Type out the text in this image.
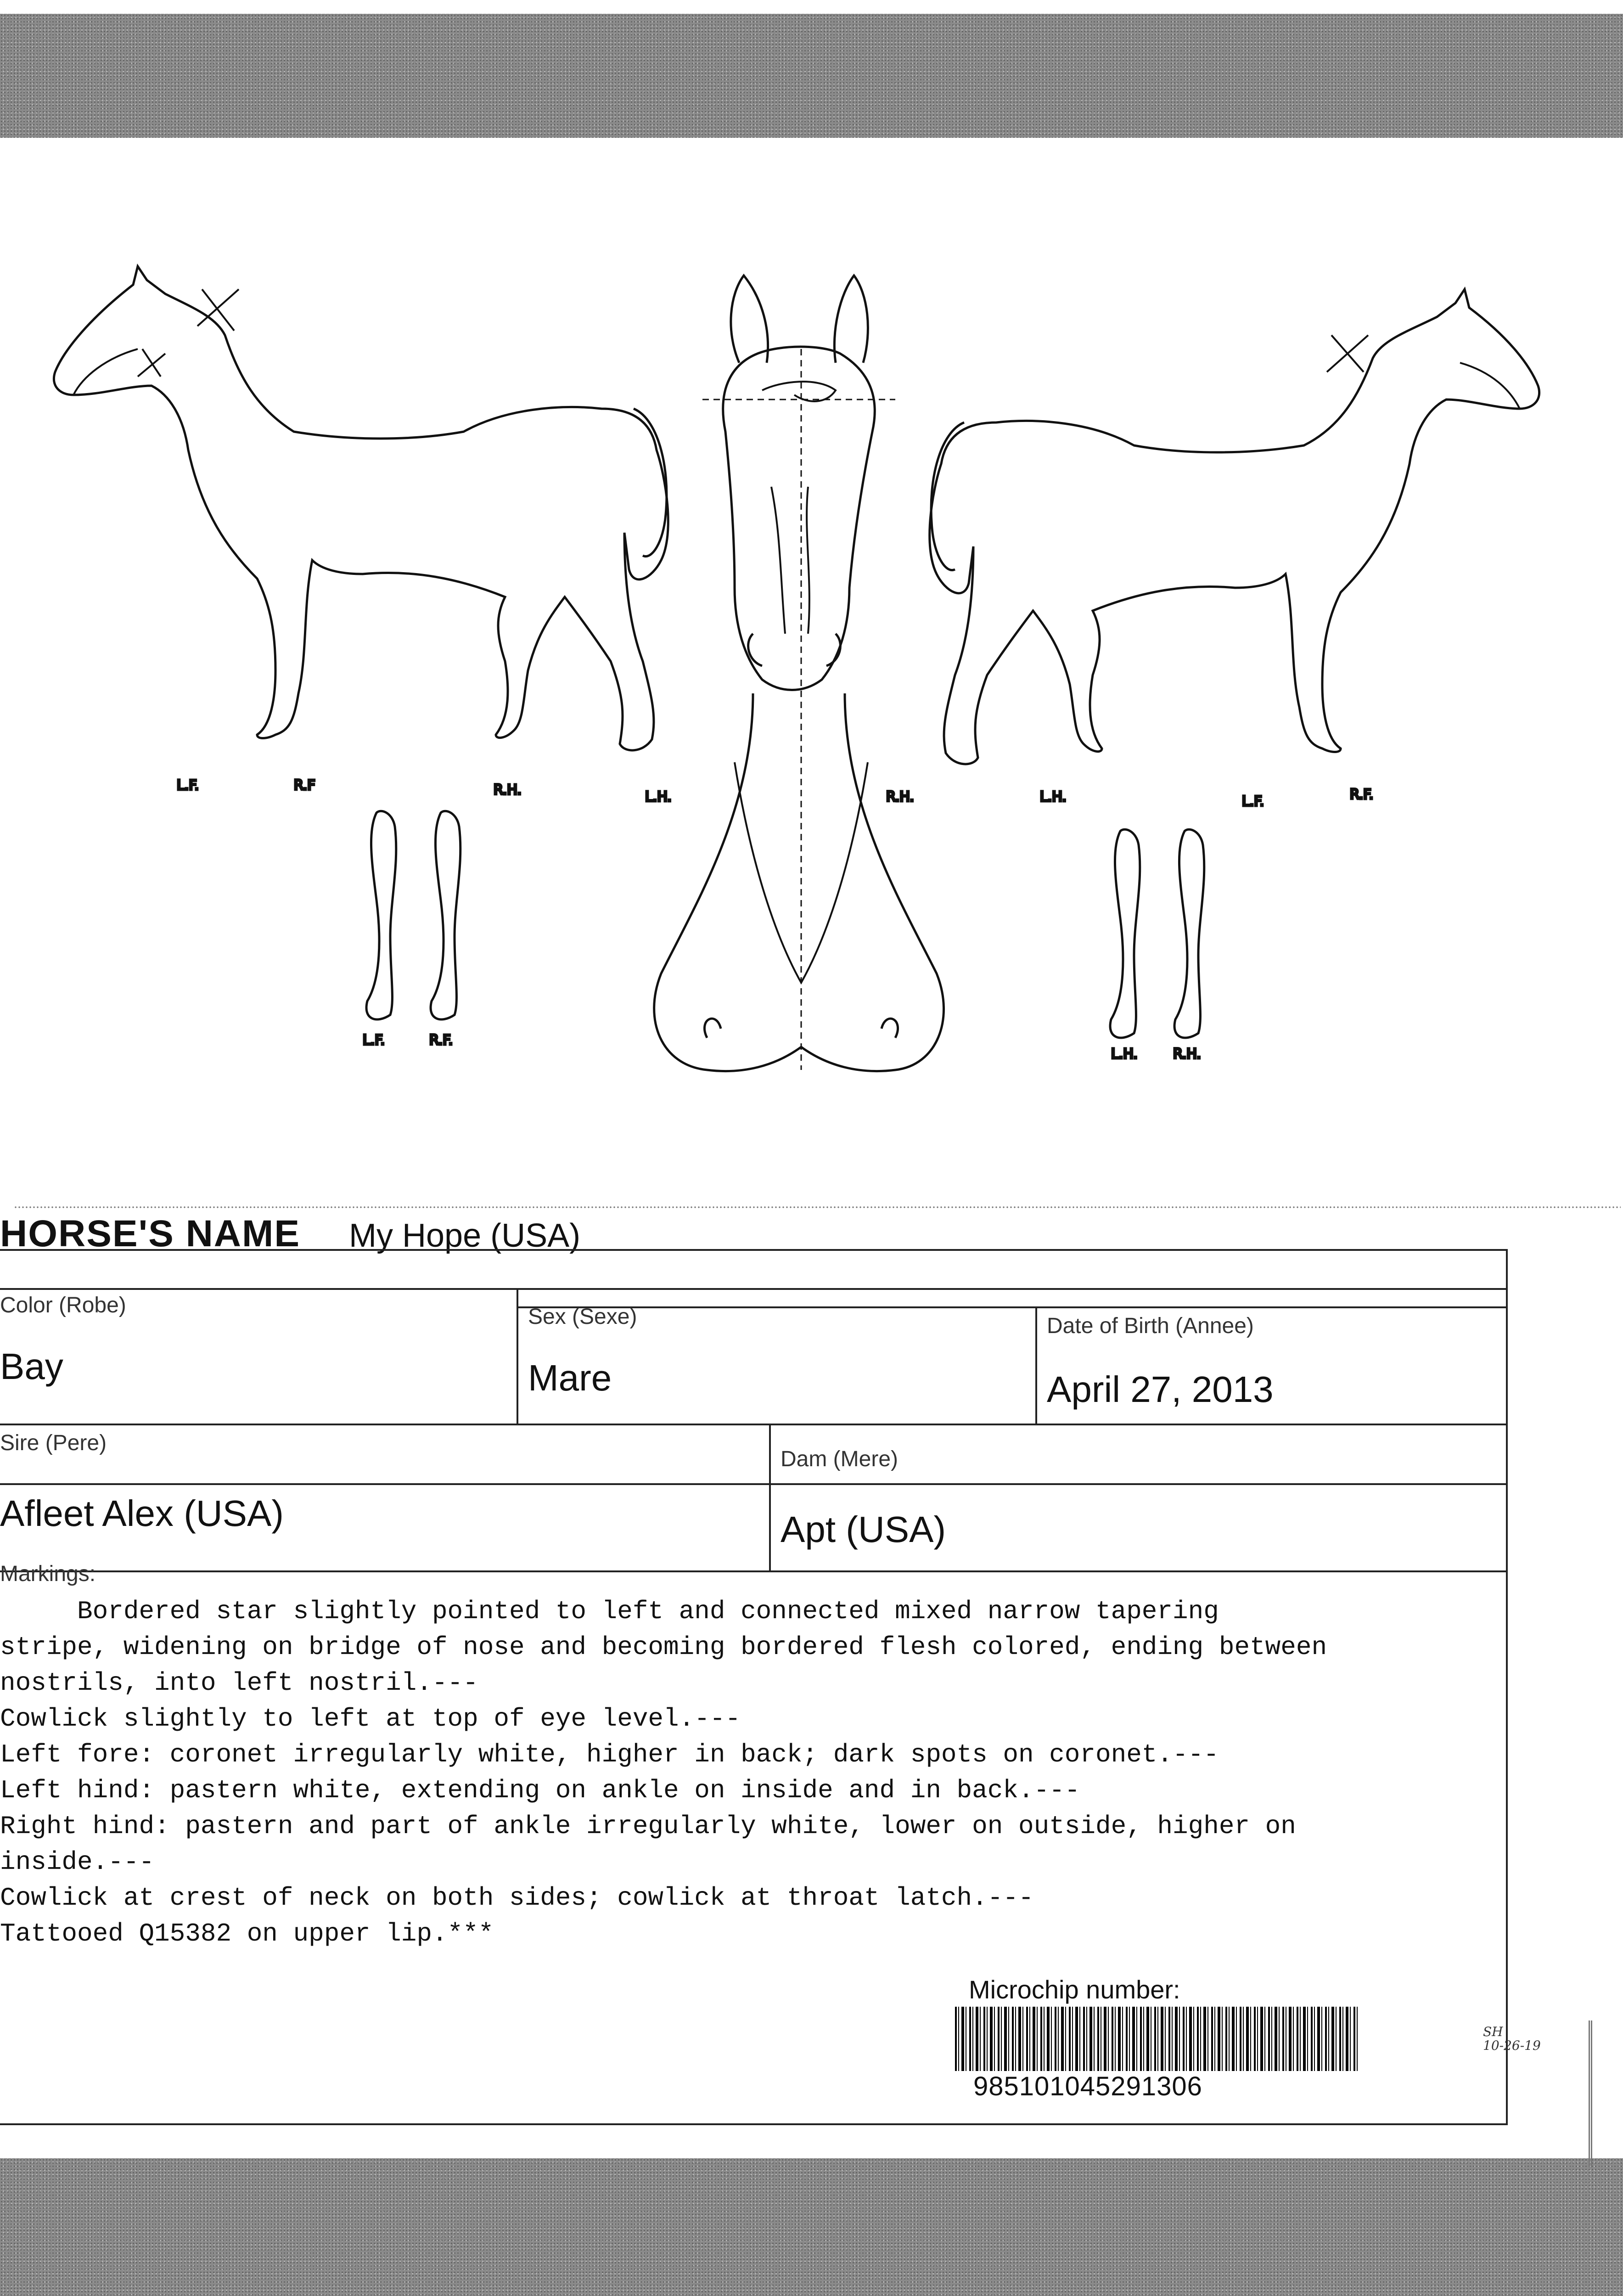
L.F.	R.F	R.H.	L.H.	R.H.	L.H.	L.F.	R.F.
L.F.	R.F.
L.H.	R.H.
HORSE'S NAME My Hope (USA)
Color (Robe)
Bay
Sex (Sexe)
Mare
Date of Birth (Annee)
April 27, 2013
Sire (Pere)
Afleet Alex (USA)
Dam (Mere)
Apt (USA)
Markings:
Bordered star slightly pointed to left and connected mixed narrow tapering
stripe, widening on bridge of nose and becoming bordered flesh colored, ending between
nostrils, into left nostril.---
Cowlick slightly to left at top of eye level.---
Left fore: coronet irregularly white, higher in back; dark spots on coronet.---
Left hind: pastern white, extending on ankle on inside and in back.---
Right hind: pastern and part of ankle irregularly white, lower on outside, higher on
inside.---
Cowlick at crest of neck on both sides; cowlick at throat latch.---
Tattooed Q15382 on upper lip.***
Microchip number:
985101045291306
SH
10-26-19
